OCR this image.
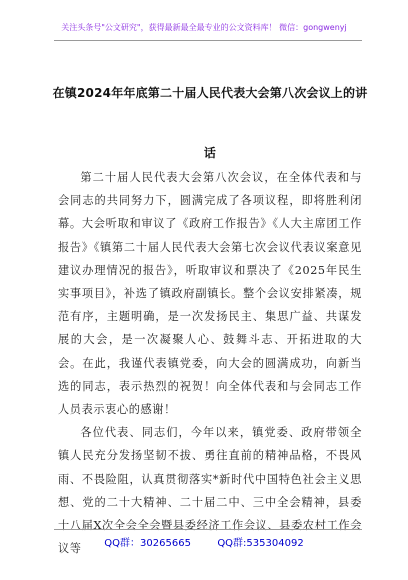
关注头条号"公文研究"，获得最新最全最专业的公文资料库！ 微信：gongwenyj
在镇2024年年底第二十届人民代表大会第八次会议上的讲话

第二十届人民代表大会第八次会议，在全体代表和与会同志的共同努力下，圆满完成了各项议程，即将胜利闭幕。大会听取和审议了《政府工作报告》《人大主席团工作报告》《镇第二十届人民代表大会第七次会议代表议案意见建议办理情况的报告》，听取审议和票决了《2025年民生实事项目》，补选了镇政府副镇长。整个会议安排紧凑，规范有序，主题明确，是一次发扬民主、集思广益、共谋发展的大会，是一次凝聚人心、鼓舞斗志、开拓进取的大会。在此，我谨代表镇党委，向大会的圆满成功，向新当选的同志，表示热烈的祝贺！向全体代表和与会同志工作人员表示衷心的感谢！

各位代表、同志们，今年以来，镇党委、政府带领全镇人民充分发扬坚韧不拔、勇往直前的精神品格，不畏风雨、不畏险阻，认真贯彻落实*新时代中国特色社会主义思想、党的二十大精神、二十届二中、三中全会精神，县委十八届X次全会全会暨县委经济工作会议、县委农村工作会议等	QQ群：30265665	QQ群:535304092
